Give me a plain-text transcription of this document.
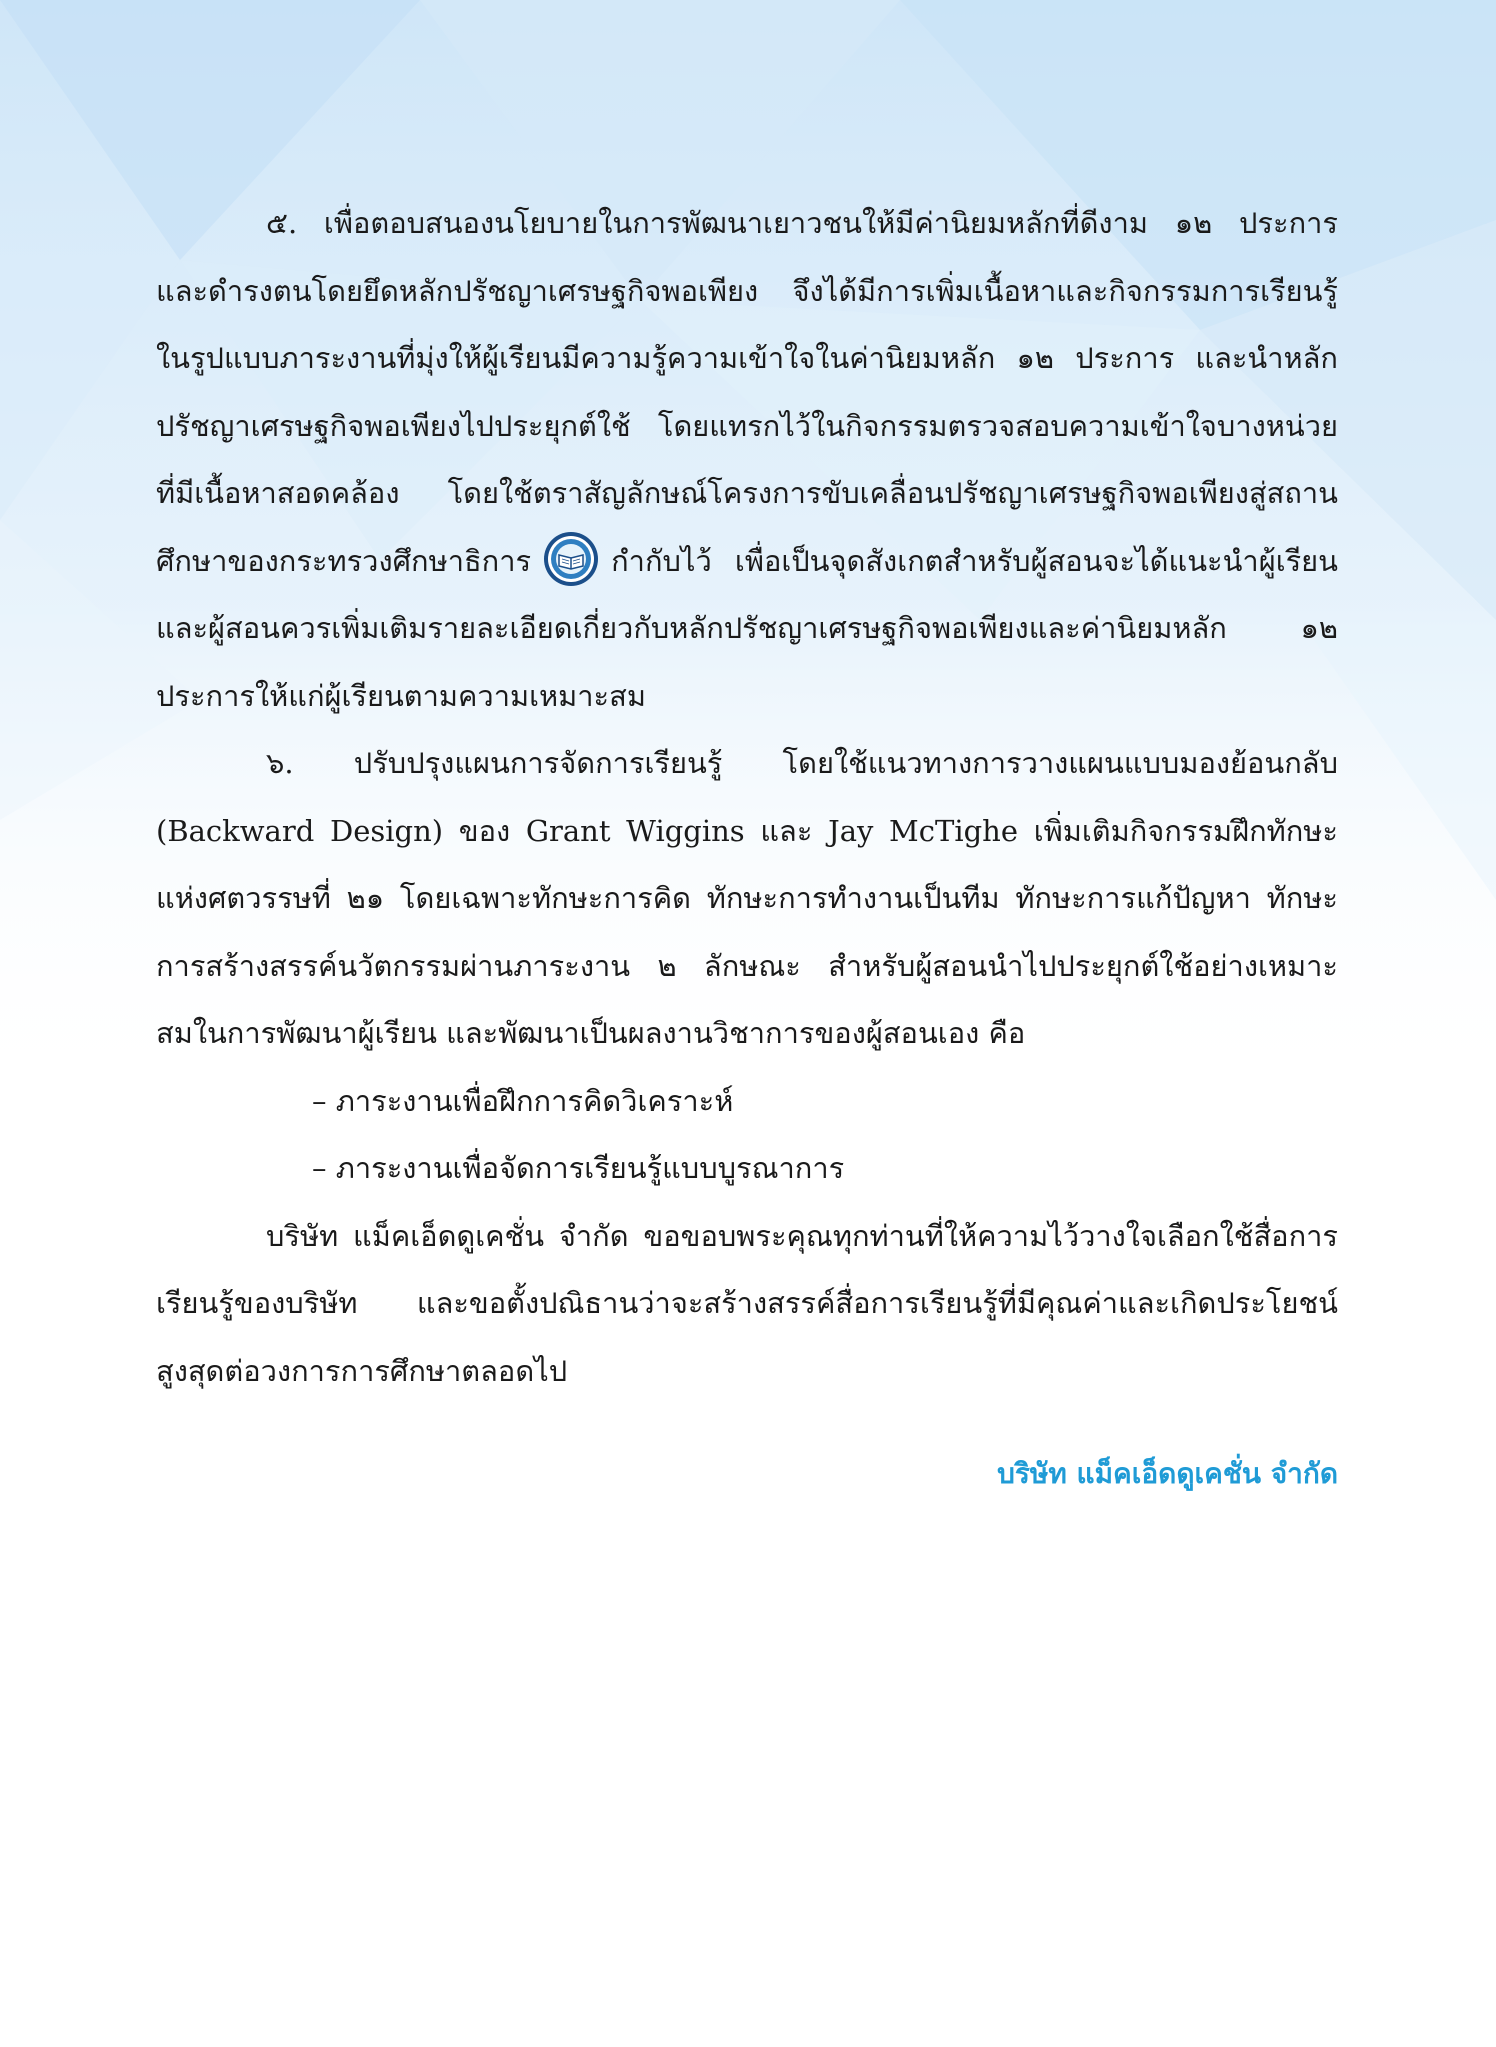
๕. เพื่อตอบสนองนโยบายในการพัฒนาเยาวชนให้มีค่านิยมหลักที่ดีงาม ๑๒ ประการ และดำรงตนโดยยึดหลักปรัชญาเศรษฐกิจพอเพียง จึงได้มีการเพิ่มเนื้อหาและกิจกรรมการเรียนรู้ในรูปแบบภาระงานที่มุ่งให้ผู้เรียนมีความรู้ความเข้าใจในค่านิยมหลัก ๑๒ ประการ และนำหลักปรัชญาเศรษฐกิจพอเพียงไปประยุกต์ใช้ โดยแทรกไว้ในกิจกรรมตรวจสอบความเข้าใจบางหน่วยที่มีเนื้อหาสอดคล้อง โดยใช้ตราสัญลักษณ์โครงการขับเคลื่อนปรัชญาเศรษฐกิจพอเพียงสู่สถานศึกษาของกระทรวงศึกษาธิการ	กำกับไว้ เพื่อเป็นจุดสังเกตสำหรับผู้สอนจะได้แนะนำผู้เรียน และผู้สอนควรเพิ่มเติมรายละเอียดเกี่ยวกับหลักปรัชญาเศรษฐกิจพอเพียงและค่านิยมหลัก ๑๒ ประการให้แก่ผู้เรียนตามความเหมาะสม

๖. ปรับปรุงแผนการจัดการเรียนรู้ โดยใช้แนวทางการวางแผนแบบมองย้อนกลับ (Backward Design) ของ Grant Wiggins และ Jay McTighe เพิ่มเติมกิจกรรมฝึกทักษะแห่งศตวรรษที่ ๒๑ โดยเฉพาะทักษะการคิด ทักษะการทำงานเป็นทีม ทักษะการแก้ปัญหา ทักษะการสร้างสรรค์นวัตกรรมผ่านภาระงาน ๒ ลักษณะ สำหรับผู้สอนนำไปประยุกต์ใช้อย่างเหมาะสมในการพัฒนาผู้เรียน และพัฒนาเป็นผลงานวิชาการของผู้สอนเอง คือ

– ภาระงานเพื่อฝึกการคิดวิเคราะห์
– ภาระงานเพื่อจัดการเรียนรู้แบบบูรณาการ

บริษัท แม็คเอ็ดดูเคชั่น จำกัด ขอขอบพระคุณทุกท่านที่ให้ความไว้วางใจเลือกใช้สื่อการเรียนรู้ของบริษัท และขอตั้งปณิธานว่าจะสร้างสรรค์สื่อการเรียนรู้ที่มีคุณค่าและเกิดประโยชน์สูงสุดต่อวงการการศึกษาตลอดไป

บริษัท แม็คเอ็ดดูเคชั่น จำกัด
